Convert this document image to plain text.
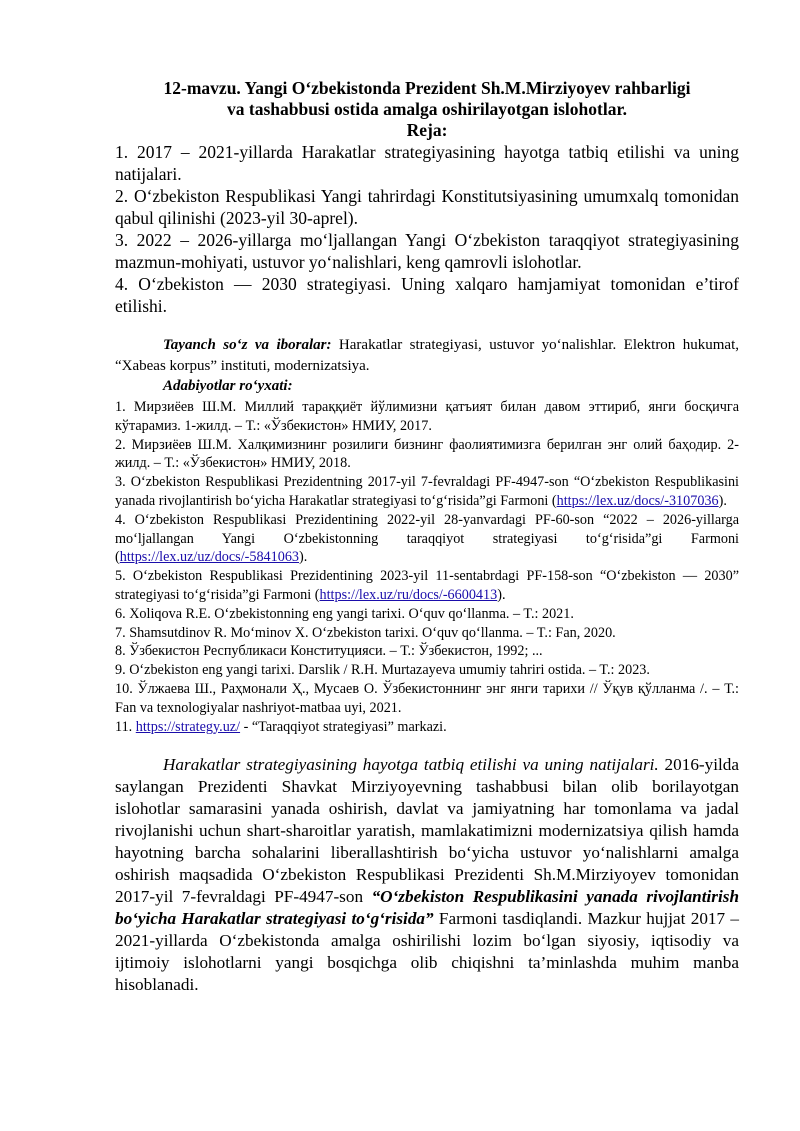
12-mavzu. Yangi O‘zbekistonda Prezident Sh.M.Mirziyoyev rahbarligi

va tashabbusi ostida amalga oshirilayotgan islohotlar.

Reja:

1. 2017 – 2021-yillarda Harakatlar strategiyasining hayotga tatbiq etilishi va uning natijalari.
2. O‘zbekiston Respublikasi Yangi tahrirdagi Konstitutsiyasining umumxalq tomonidan qabul qilinishi (2023-yil 30-aprel).
3. 2022 – 2026-yillarga mo‘ljallangan Yangi O‘zbekiston taraqqiyot strategiyasining mazmun-mohiyati, ustuvor yo‘nalishlari, keng qamrovli islohotlar.
4. O‘zbekiston — 2030 strategiyasi. Uning xalqaro hamjamiyat tomonidan e’tirof etilishi.

Tayanch so‘z va iboralar: Harakatlar strategiyasi, ustuvor yo‘nalishlar. Elektron hukumat, “Xabeas korpus” instituti, modernizatsiya.

Adabiyotlar ro‘yxati:

1. Мирзиёев Ш.М. Миллий тараққиёт йўлимизни қатъият билан давом эттириб, янги босқичга кўтарамиз. 1-жилд. – Т.: «Ўзбекистон» НМИУ, 2017.
2. Мирзиёев Ш.М. Халқимизнинг розилиги бизнинг фаолиятимизга берилган энг олий баҳодир. 2-жилд. – Т.: «Ўзбекистон» НМИУ, 2018.
3. O‘zbekiston Respublikasi Prezidentning 2017-yil 7-fevraldagi PF-4947-son “O‘zbekiston Respublikasini yanada rivojlantirish bo‘yicha Harakatlar strategiyasi to‘g‘risida”gi Farmoni (https://lex.uz/docs/-3107036).
4. O‘zbekiston Respublikasi Prezidentining 2022-yil 28-yanvardagi PF-60-son “2022 – 2026-yillarga mo‘ljallangan Yangi O‘zbekistonning taraqqiyot strategiyasi to‘g‘risida”gi Farmoni (https://lex.uz/uz/docs/-5841063).
5. O‘zbekiston Respublikasi Prezidentining 2023-yil 11-sentabrdagi PF-158-son “O‘zbekiston — 2030” strategiyasi to‘g‘risida”gi Farmoni (https://lex.uz/ru/docs/-6600413).
6. Xoliqova R.E. O‘zbekistonning eng yangi tarixi. O‘quv qo‘llanma. – T.: 2021.
7. Shamsutdinov R. Mo‘minov X. O‘zbekiston tarixi. O‘quv qo‘llanma. – T.: Fan, 2020.
8. Ўзбекистон Республикаси Конституцияси. – Т.: Ўзбекистон, 1992; ...
9. O‘zbekiston eng yangi tarixi. Darslik / R.H. Murtazayeva umumiy tahriri ostida. – T.: 2023.
10. Ўлжаева Ш., Раҳмонали Ҳ., Мусаев О. Ўзбекистоннинг энг янги тарихи // Ўқув қўлланма /. – Т.: Fan va texnologiyalar nashriyot-matbaa uyi, 2021.
11. https://strategy.uz/ - “Taraqqiyot strategiyasi” markazi.

Harakatlar strategiyasining hayotga tatbiq etilishi va uning natijalari. 2016-yilda saylangan Prezidenti Shavkat Mirziyoyevning tashabbusi bilan olib borilayotgan islohotlar samarasini yanada oshirish, davlat va jamiyatning har tomonlama va jadal rivojlanishi uchun shart-sharoitlar yaratish, mamlakatimizni modernizatsiya qilish hamda hayotning barcha sohalarini liberallashtirish bo‘yicha ustuvor yo‘nalishlarni amalga oshirish maqsadida O‘zbekiston Respublikasi Prezidenti Sh.M.Mirziyoyev tomonidan 2017-yil 7-fevraldagi PF-4947-son “O‘zbekiston Respublikasini yanada rivojlantirish bo‘yicha Harakatlar strategiyasi to‘g‘risida” Farmoni tasdiqlandi. Mazkur hujjat 2017 – 2021-yillarda O‘zbekistonda amalga oshirilishi lozim bo‘lgan siyosiy, iqtisodiy va ijtimoiy islohotlarni yangi bosqichga olib chiqishni ta’minlashda muhim manba hisoblanadi.
